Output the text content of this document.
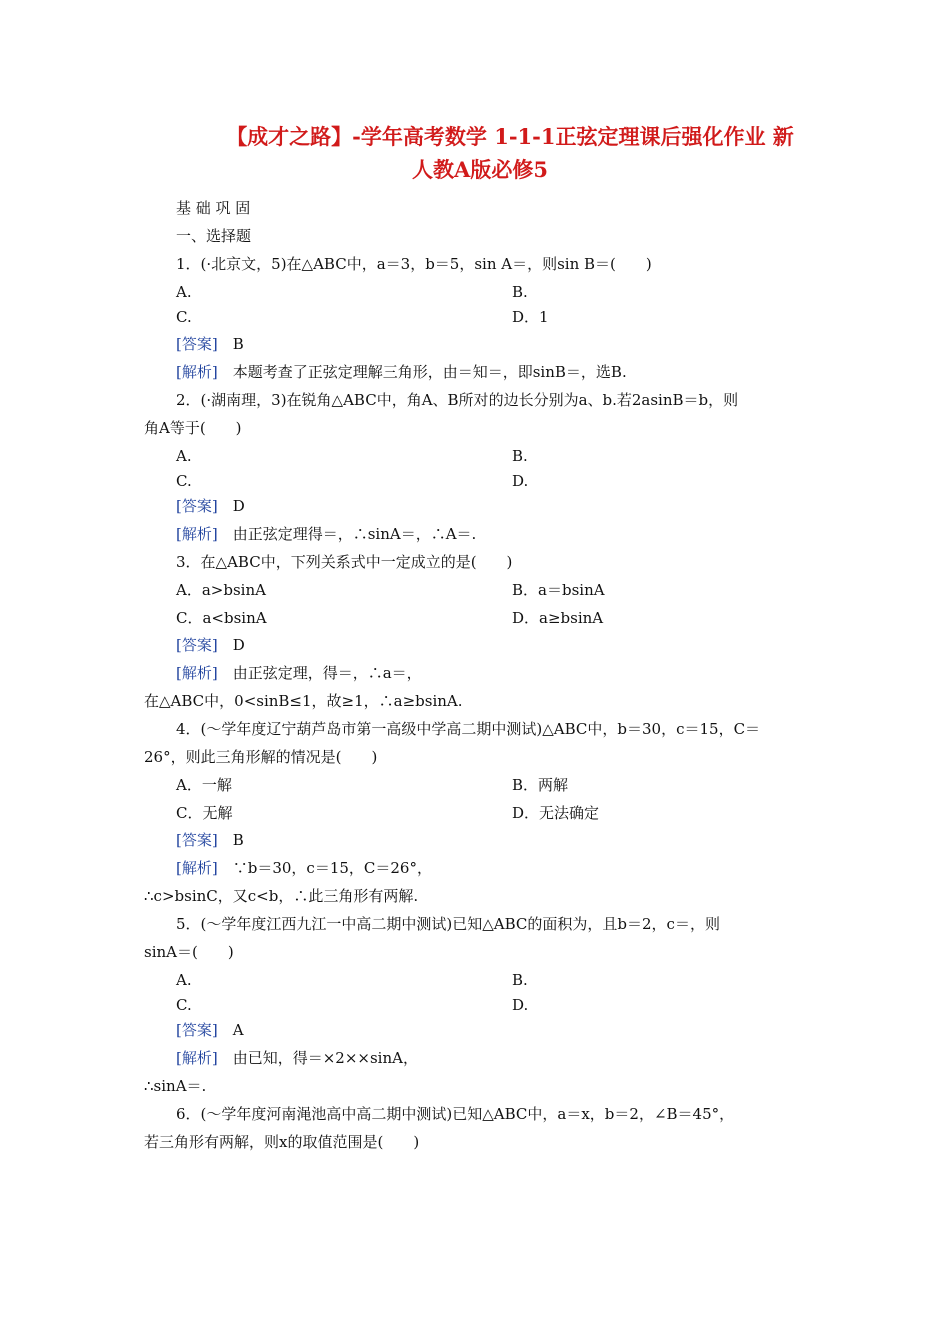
【成才之路】-学年高考数学 1-1-1正弦定理课后强化作业 新
人教A版必修5
基 础 巩 固
一、选择题
1．(·北京文，5)在△ABC中，a＝3，b＝5，sin A＝，则sin B＝(　　)
A.	B.
C.	D．1
[答案]　 B
[解析]　 本题考查了正弦定理解三角形，由＝知＝，即sinB＝，选B.
2．(·湖南理，3)在锐角△ABC中，角A、B所对的边长分别为a、b.若2asinB＝b，则
角A等于(　　)
A.	B.
C.	D.
[答案]　 D
[解析]　 由正弦定理得＝，∴sinA＝，∴A＝.
3．在△ABC中，下列关系式中一定成立的是(　　)
A．a>bsinA	B．a＝bsinA
C．a<bsinA	D．a≥bsinA
[答案]　 D
[解析]　 由正弦定理，得＝，∴a＝，
在△ABC中，0<sinB≤1，故≥1，∴a≥bsinA.
4．(～学年度辽宁葫芦岛市第一高级中学高二期中测试)△ABC中，b＝30，c＝15，C＝
26°，则此三角形解的情况是(　　)
A．一解	B．两解
C．无解	D．无法确定
[答案]　 B
[解析]　 ∵b＝30，c＝15，C＝26°，
∴c>bsinC，又c<b，∴此三角形有两解.
5．(～学年度江西九江一中高二期中测试)已知△ABC的面积为，且b＝2，c＝，则
sinA＝(　　)
A.	B.
C.	D.
[答案]　 A
[解析]　 由已知，得＝×2××sinA，
∴sinA＝.
6．(～学年度河南渑池高中高二期中测试)已知△ABC中，a＝x，b＝2，∠B＝45°，
若三角形有两解，则x的取值范围是(　　)
